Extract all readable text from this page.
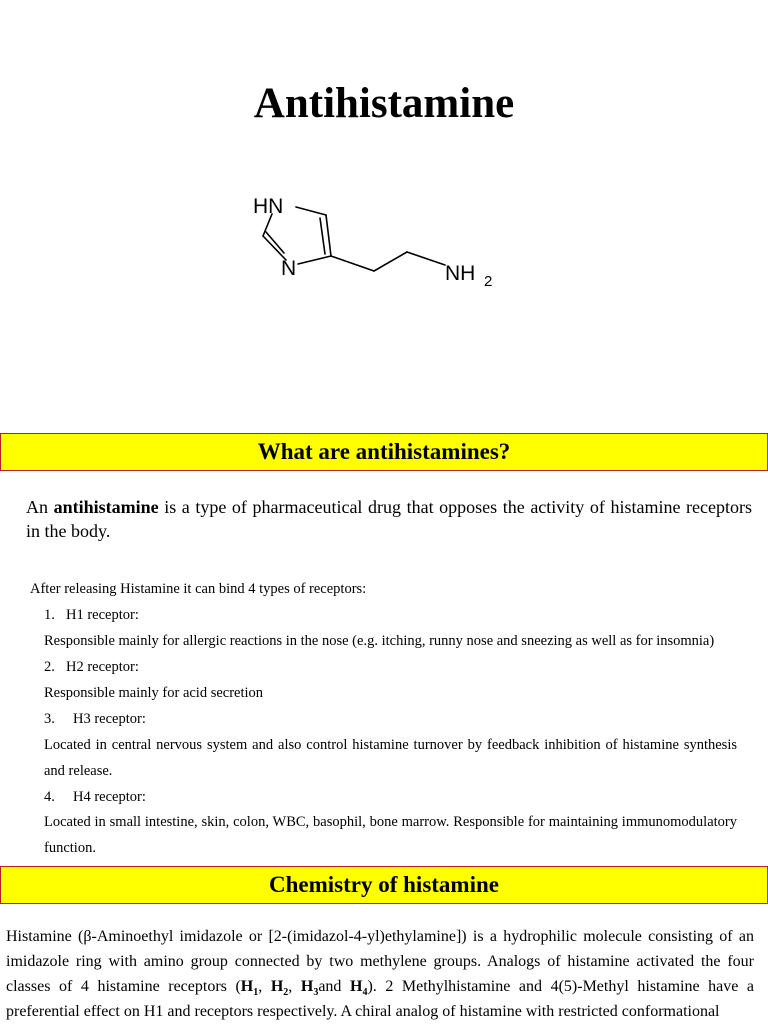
Antihistamine
HN
N	NH 2
What are antihistamines?
An antihistamine is a type of pharmaceutical drug that opposes the activity of histamine receptors in the body.
After releasing Histamine it can bind 4 types of receptors:
1. H1 receptor:
Responsible mainly for allergic reactions in the nose (e.g. itching, runny nose and sneezing as well as for insomnia)
2. H2 receptor:
Responsible mainly for acid secretion
3. H3 receptor:
Located in central nervous system and also control histamine turnover by feedback inhibition of histamine synthesis
and release.
4. H4 receptor:
Located in small intestine, skin, colon, WBC, basophil, bone marrow. Responsible for maintaining immunomodulatory
function.
Chemistry of histamine
Histamine (β-Aminoethyl imidazole or [2-(imidazol-4-yl)ethylamine]) is a hydrophilic molecule consisting of an imidazole ring with amino group connected by two methylene groups. Analogs of histamine activated the four classes of 4 histamine receptors ($H_1$, $H_2$, $H_3and$ $H_4$). 2 Methylhistamine and 4(5)-Methyl histamine have a preferential effect on H1 and receptors respectively. A chiral analog of histamine with restricted conformational
